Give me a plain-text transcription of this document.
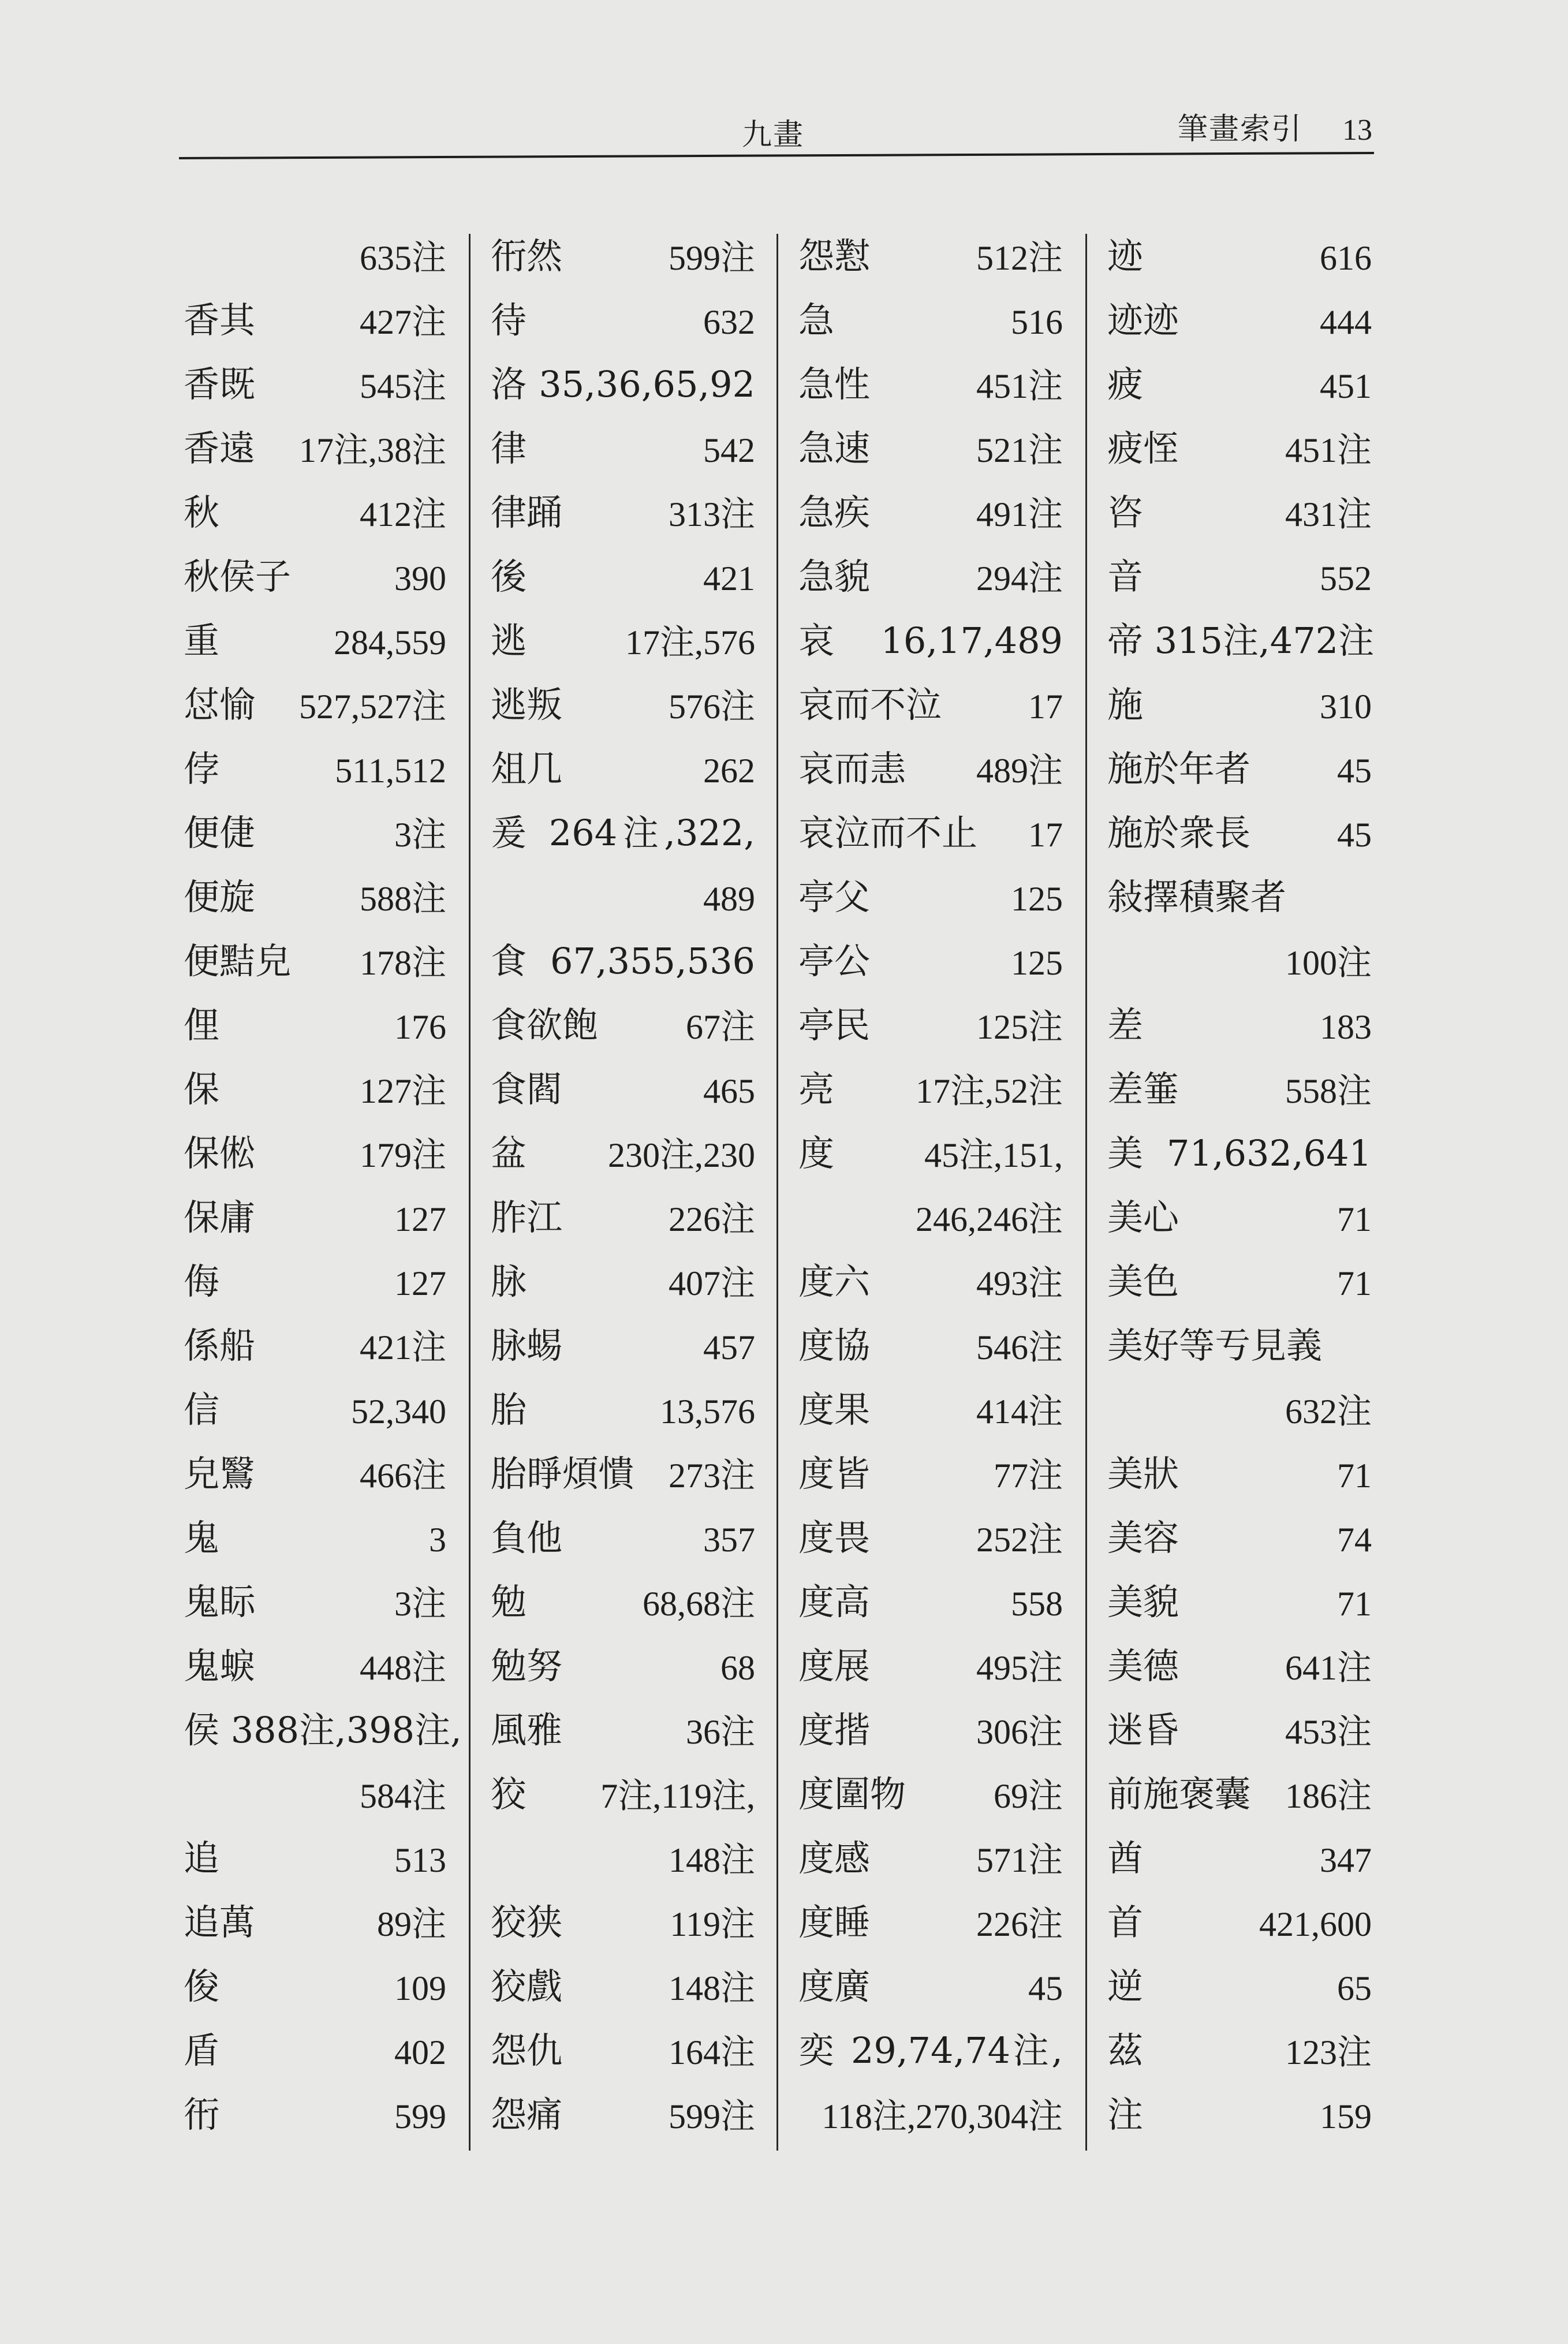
九畫	筆畫索引 13
635注
香其	427注
香既	545注
香遠 17注,38注
秋	412注
秋侯子	390
重	284,559
怤愉 527,527注
侼	511,512
便倢	3注
便旋	588注
便黠皃 178注
俚	176
保	127注
保倯	179注
保庸	127
侮	127
係船	421注
信	52,340
皃鷖	466注
鬼	3
鬼眎	3注
鬼蜧	448注
侯 388注,398注,
584注
追	513
追萬	89注
俊	109
盾	402
衎	599
衎然	599注
待	632
洛 35,36,65,92
律	542
律踊	313注
後	421
逃	17注,576
逃叛	576注
俎几	262
爰 264注,322,
489
食 67,355,536
食欲飽	67注
食閻	465
盆 230注,230
胙江	226注
脉	407注
脉蜴	457
胎	13,576
胎睜煩憒 273注
負他	357
勉	68,68注
勉努	68
風雅	36注
狡 7注,119注,
148注
狡狭	119注
狡戲	148注
怨仇	164注
怨痛	599注
怨懟	512注
急	516
急性	451注
急速	521注
急疾	491注
急貌	294注
哀 16,17,489
哀而不泣 17
哀而恚 489注
哀泣而不止 17
亭父	125
亭公	125
亭民	125注
亮 17注,52注
度	45注,151,
246,246注
度六	493注
度協	546注
度果	414注
度皆	77注
度畏	252注
度高	558
度展	495注
度揩	306注
度圍物	69注
度感	571注
度睡	226注
度廣	45
奕 29,74,74注,
118注,270,304注
迹	616
迹迹	444
疲	451
疲恎	451注
咨	431注
音	552
帝 315注,472注
施	310
施於年者 45
施於衆長 45
敍擇積聚者
100注
差	183
差箠	558注
美 71,632,641
美心	71
美色	71
美好等亐見義
632注
美狀	71
美容	74
美貌	71
美德	641注
迷昏	453注
前施褒囊 186注
酋	347
首	421,600
逆	65
茲	123注
注	159
